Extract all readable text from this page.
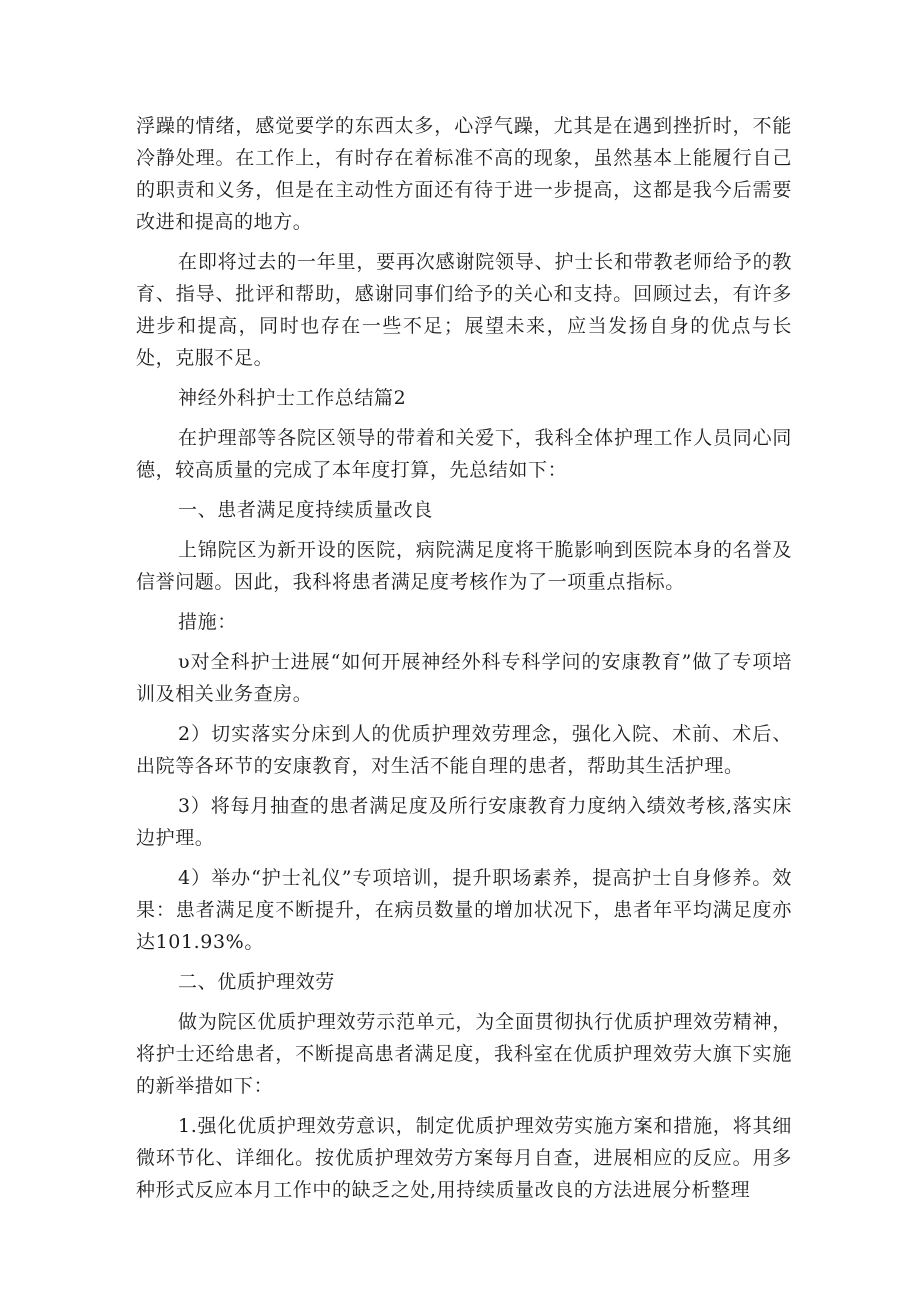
浮躁的情绪，感觉要学的东西太多，心浮气躁，尤其是在遇到挫折时，不能冷静处理。在工作上，有时存在着标准不高的现象，虽然基本上能履行自己的职责和义务，但是在主动性方面还有待于进一步提高，这都是我今后需要改进和提高的地方。

在即将过去的一年里，要再次感谢院领导、护士长和带教老师给予的教育、指导、批评和帮助，感谢同事们给予的关心和支持。回顾过去，有许多进步和提高，同时也存在一些不足；展望未来，应当发扬自身的优点与长处，克服不足。

神经外科护士工作总结篇2

在护理部等各院区领导的带着和关爱下，我科全体护理工作人员同心同德，较高质量的完成了本年度打算，先总结如下：

一、患者满足度持续质量改良

上锦院区为新开设的医院，病院满足度将干脆影响到医院本身的名誉及信誉问题。因此，我科将患者满足度考核作为了一项重点指标。

措施：

υ对全科护士进展“如何开展神经外科专科学问的安康教育”做了专项培训及相关业务查房。

2）切实落实分床到人的优质护理效劳理念，强化入院、术前、术后、出院等各环节的安康教育，对生活不能自理的患者，帮助其生活护理。

3）将每月抽查的患者满足度及所行安康教育力度纳入绩效考核,落实床边护理。

4）举办“护士礼仪”专项培训，提升职场素养，提高护士自身修养。效果：患者满足度不断提升，在病员数量的增加状况下，患者年平均满足度亦达101.93%。

二、优质护理效劳

做为院区优质护理效劳示范单元，为全面贯彻执行优质护理效劳精神，将护士还给患者，不断提高患者满足度，我科室在优质护理效劳大旗下实施的新举措如下：

1.强化优质护理效劳意识，制定优质护理效劳实施方案和措施，将其细微环节化、详细化。按优质护理效劳方案每月自查，进展相应的反应。用多种形式反应本月工作中的缺乏之处,用持续质量改良的方法进展分析整理
